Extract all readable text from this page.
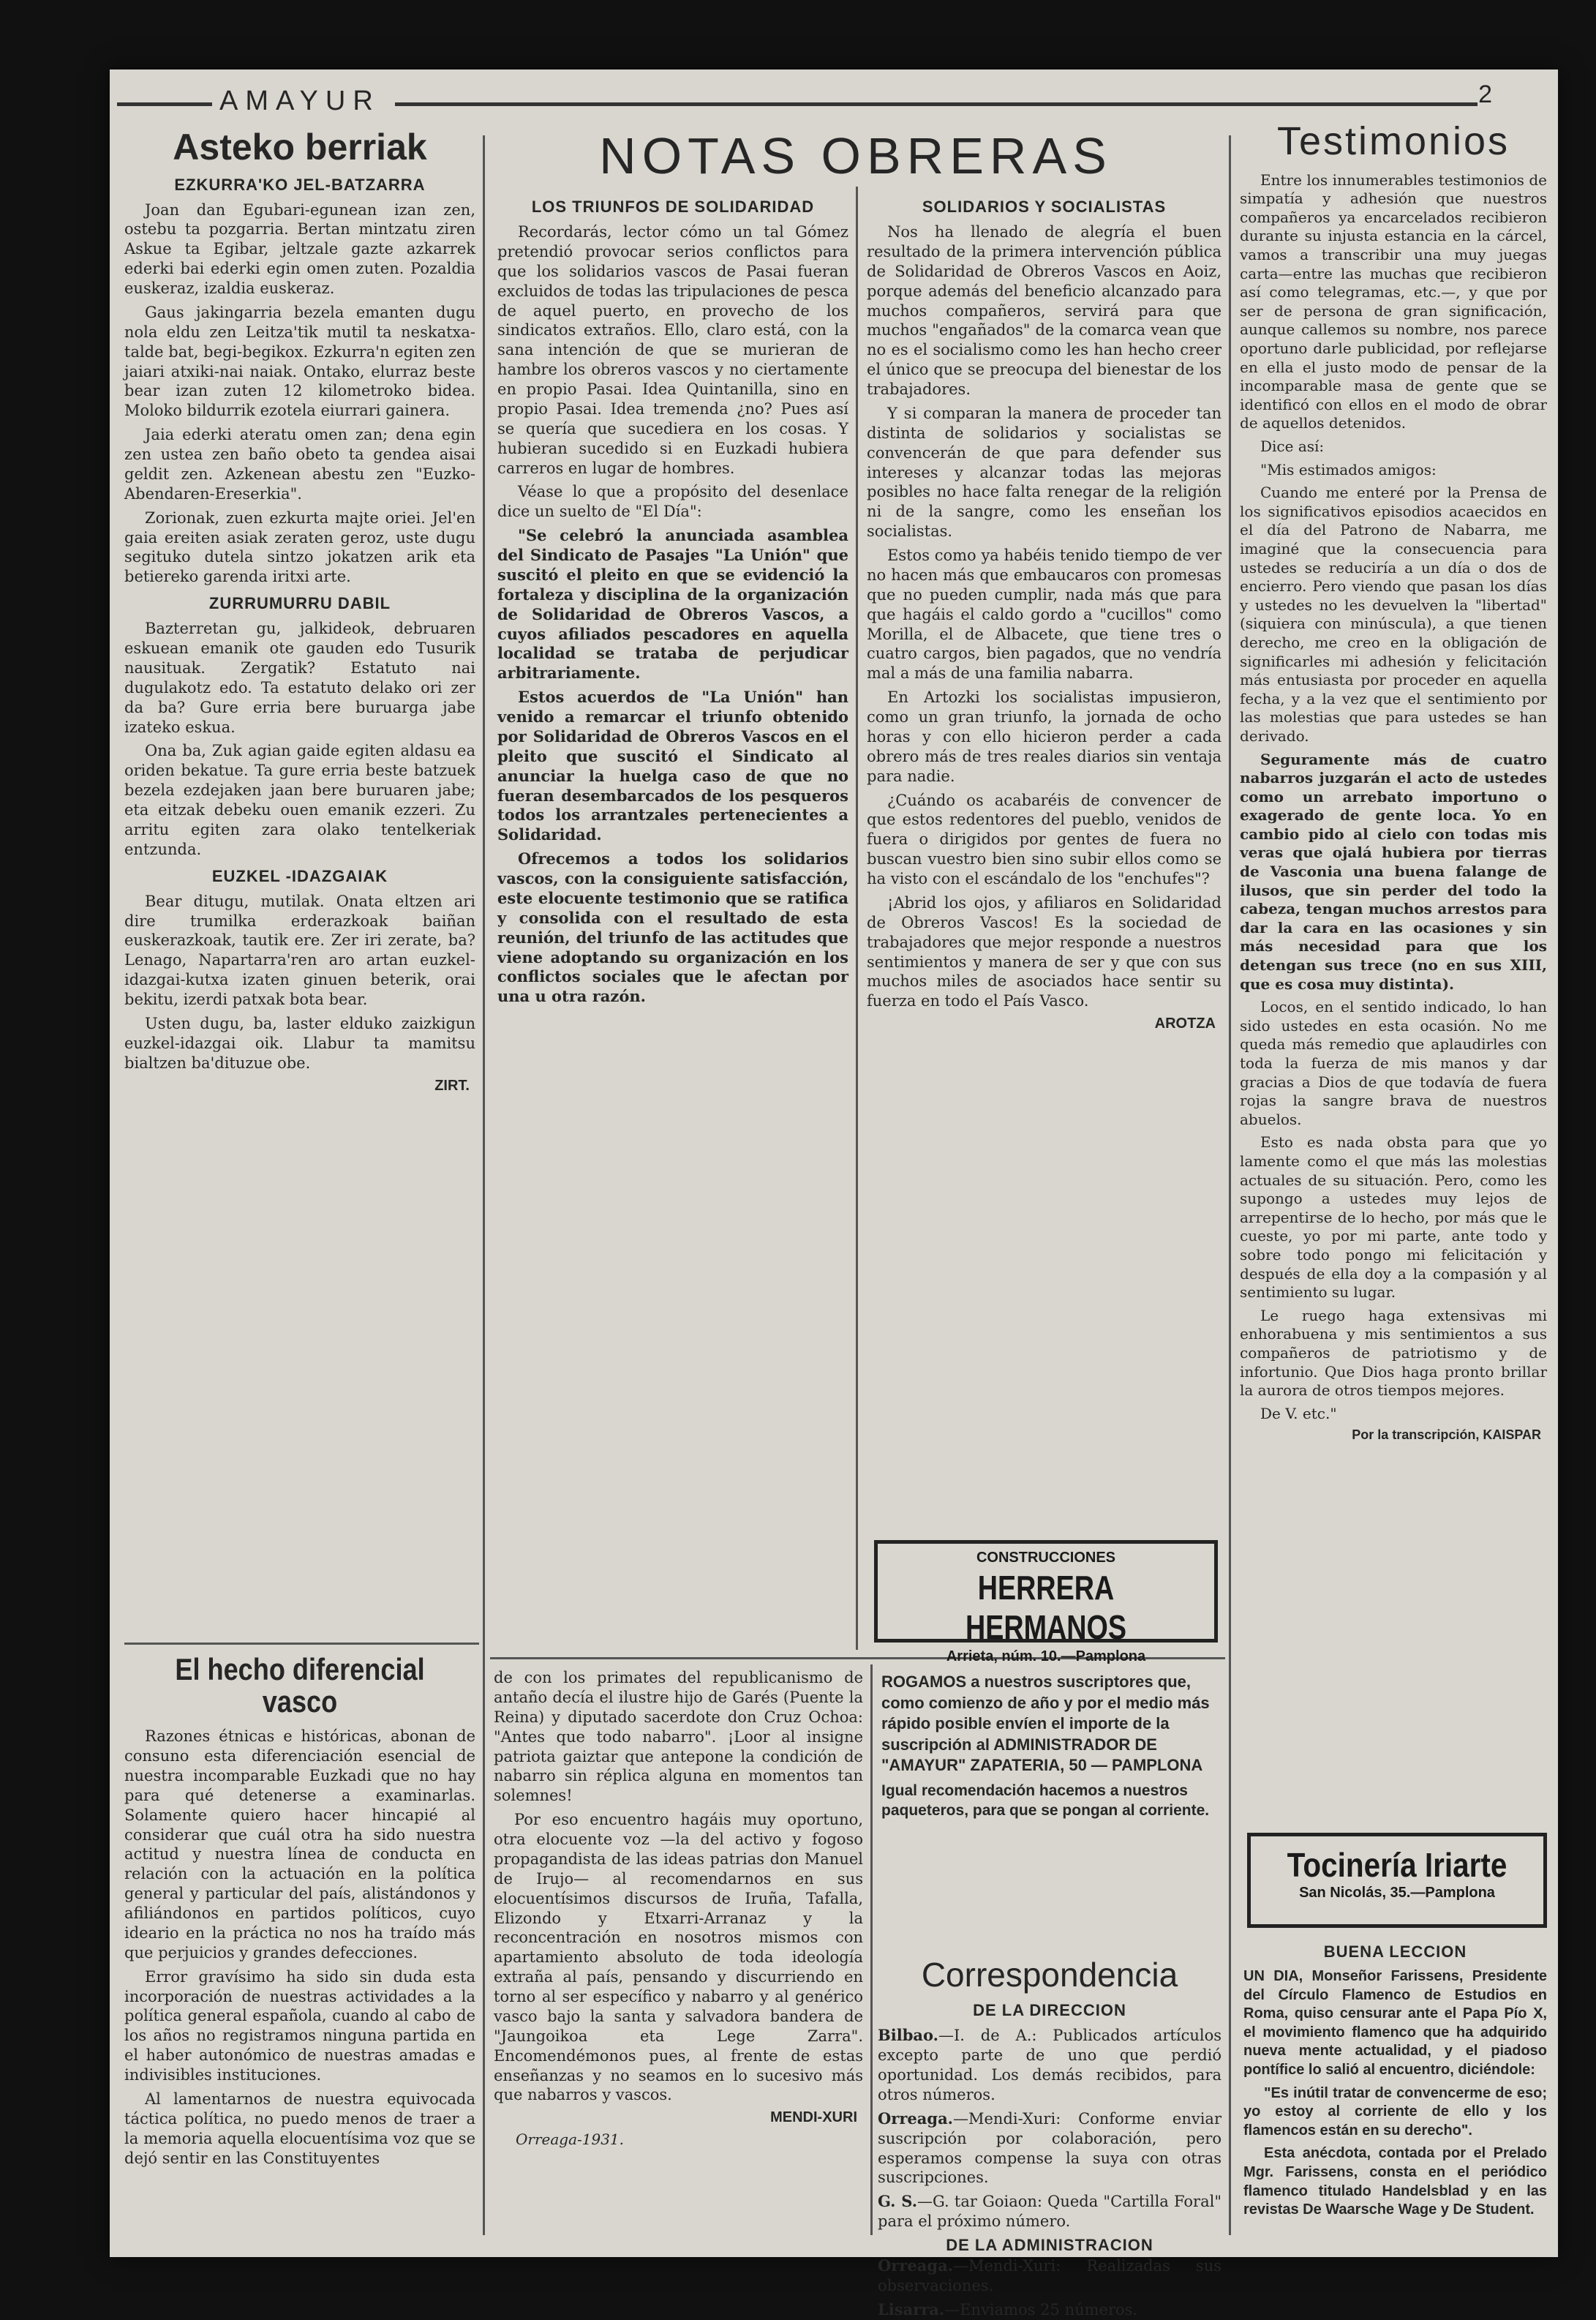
AMAYUR	2
Asteko berriak
EZKURRA'KO JEL-BATZARRA

Joan dan Egubari-egunean izan zen, ostebu ta pozgarria. Bertan mintzatu ziren Askue ta Egibar, jeltzale gazte azkarrek ederki bai ederki egin omen zuten. Pozaldia euskeraz, izaldia euskeraz.

Gaus jakingarria bezela emanten dugu nola eldu zen Leitza'tik mutil ta neskatxa-talde bat, begi-begikox. Ezkurra'n egiten zen jaiari atxiki-nai naiak. Ontako, elurraz beste bear izan zuten 12 kilometroko bidea. Moloko bildurrik ezotela eiurrari gainera.

Jaia ederki ateratu omen zan; dena egin zen ustea zen baño obeto ta gendea aisai geldit zen. Azkenean abestu zen "Euzko-Abendaren-Ereserkia".

Zorionak, zuen ezkurta majte oriei. Jel'en gaia ereiten asiak zeraten geroz, uste dugu segituko dutela sintzo jokatzen arik eta betiereko garenda iritxi arte.

ZURRUMURRU DABIL

Bazterretan gu, jalkideok, debruaren eskuean emanik ote gauden edo Tusurik nausituak. Zergatik? Estatuto nai dugulakotz edo. Ta estatuto delako ori zer da ba? Gure erria bere buruarga jabe izateko eskua.

Ona ba, Zuk agian gaide egiten aldasu ea oriden bekatue. Ta gure erria beste batzuek bezela ezdejaken jaan bere buruaren jabe; eta eitzak debeku ouen emanik ezzeri. Zu arritu egiten zara olako tentelkeriak entzunda.

EUZKEL -IDAZGAIAK

Bear ditugu, mutilak. Onata eltzen ari dire trumilka erderazkoak baiñan euskerazkoak, tautik ere. Zer iri zerate, ba? Lenago, Napartarra'ren aro artan euzkel-idazgai-kutxa izaten ginuen beterik, orai bekitu, izerdi patxak bota bear.

Usten dugu, ba, laster elduko zaizkigun euzkel-idazgai oik. Llabur ta mamitsu bialtzen ba'dituzue obe.

ZIRT.
NOTAS OBRERAS
LOS TRIUNFOS DE SOLIDARIDAD

Recordarás, lector cómo un tal Gómez pretendió provocar serios conflictos para que los solidarios vascos de Pasai fueran excluidos de todas las tripulaciones de pesca de aquel puerto, en provecho de los sindicatos extraños. Ello, claro está, con la sana intención de que se murieran de hambre los obreros vascos y no ciertamente en propio Pasai. Idea Quintanilla, sino en propio Pasai. Idea tremenda ¿no? Pues así se quería que sucediera en los cosas. Y hubieran sucedido si en Euzkadi hubiera carreros en lugar de hombres.

Véase lo que a propósito del desenlace dice un suelto de "El Día":

"Se celebró la anunciada asamblea del Sindicato de Pasajes "La Unión" que suscitó el pleito en que se evidenció la fortaleza y disciplina de la organización de Solidaridad de Obreros Vascos, a cuyos afiliados pescadores en aquella localidad se trataba de perjudicar arbitrariamente.

Estos acuerdos de "La Unión" han venido a remarcar el triunfo obtenido por Solidaridad de Obreros Vascos en el pleito que suscitó el Sindicato al anunciar la huelga caso de que no fueran desembarcados de los pesqueros todos los arrantzales pertenecientes a Solidaridad.

Ofrecemos a todos los solidarios vascos, con la consiguiente satisfacción, este elocuente testimonio que se ratifica y consolida con el resultado de esta reunión, del triunfo de las actitudes que viene adoptando su organización en los conflictos sociales que le afectan por una u otra razón.

SOLIDARIOS Y SOCIALISTAS

Nos ha llenado de alegría el buen resultado de la primera intervención pública de Solidaridad de Obreros Vascos en Aoiz, porque además del beneficio alcanzado para muchos compañeros, servirá para que muchos "engañados" de la comarca vean que no es el socialismo como les han hecho creer el único que se preocupa del bienestar de los trabajadores.

Y si comparan la manera de proceder tan distinta de solidarios y socialistas se convencerán de que para defender sus intereses y alcanzar todas las mejoras posibles no hace falta renegar de la religión ni de la sangre, como les enseñan los socialistas.

Estos como ya habéis tenido tiempo de ver no hacen más que embaucaros con promesas que no pueden cumplir, nada más que para que hagáis el caldo gordo a "cucillos" como Morilla, el de Albacete, que tiene tres o cuatro cargos, bien pagados, que no vendría mal a más de una familia nabarra.

En Artozki los socialistas impusieron, como un gran triunfo, la jornada de ocho horas y con ello hicieron perder a cada obrero más de tres reales diarios sin ventaja para nadie.

¿Cuándo os acabaréis de convencer de que estos redentores del pueblo, venidos de fuera o dirigidos por gentes de fuera no buscan vuestro bien sino subir ellos como se ha visto con el escándalo de los "enchufes"?

¡Abrid los ojos, y afiliaros en Solidaridad de Obreros Vascos! Es la sociedad de trabajadores que mejor responde a nuestros sentimientos y manera de ser y que con sus muchos miles de asociados hace sentir su fuerza en todo el País Vasco.

AROTZA
CONSTRUCCIONES
HERRERA HERMANOS
Arrieta, núm. 10.—Pamplona
El hecho diferencial vasco

Razones étnicas e históricas, abonan de consuno esta diferenciación esencial de nuestra incomparable Euzkadi que no hay para qué detenerse a examinarlas. Solamente quiero hacer hincapié al considerar que cuál otra ha sido nuestra actitud y nuestra línea de conducta en relación con la actuación en la política general y particular del país, alistándonos y afiliándonos en partidos políticos, cuyo ideario en la práctica no nos ha traído más que perjuicios y grandes defecciones.

Error gravísimo ha sido sin duda esta incorporación de nuestras actividades a la política general española, cuando al cabo de los años no registramos ninguna partida en el haber autonómico de nuestras amadas e indivisibles instituciones.

Al lamentarnos de nuestra equivocada táctica política, no puedo menos de traer a la memoria aquella elocuentísima voz que se dejó sentir en las Constituyentes

de con los primates del republicanismo de antaño decía el ilustre hijo de Garés (Puente la Reina) y diputado sacerdote don Cruz Ochoa: "Antes que todo nabarro". ¡Loor al insigne patriota gaiztar que antepone la condición de nabarro sin réplica alguna en momentos tan solemnes!

Por eso encuentro hagáis muy oportuno, otra elocuente voz —la del activo y fogoso propagandista de las ideas patrias don Manuel de Irujo— al recomendarnos en sus elocuentísimos discursos de Iruña, Tafalla, Elizondo y Etxarri-Arranaz y la reconcentración en nosotros mismos con apartamiento absoluto de toda ideología extraña al país, pensando y discurriendo en torno al ser específico y nabarro y al genérico vasco bajo la santa y salvadora bandera de "Jaungoikoa eta Lege Zarra". Encomendémonos pues, al frente de estas enseñanzas y no seamos en lo sucesivo más que nabarros y vascos.

MENDI-XURI
Orreaga-1931.
ROGAMOS a nuestros suscriptores que, como comienzo de año y por el medio más rápido posible envíen el importe de la suscripción al ADMINISTRADOR DE "AMAYUR" ZAPATERIA, 50 — PAMPLONA
Igual recomendación hacemos a nuestros paqueteros, para que se pongan al corriente.
Correspondencia
DE LA DIRECCION

Bilbao.—I. de A.: Publicados artículos excepto parte de uno que perdió oportunidad. Los demás recibidos, para otros números.

Orreaga.—Mendi-Xuri: Conforme enviar suscripción por colaboración, pero esperamos compense la suya con otras suscripciones.

G. S.—G. tar Goiaon: Queda "Cartilla Foral" para el próximo número.

DE LA ADMINISTRACION

Orreaga.—Mendi-Xuri: Realizadas sus observaciones.

Lisarra.—Enviamos 25 números.

Testimonios

Entre los innumerables testimonios de simpatía y adhesión que nuestros compañeros ya encarcelados recibieron durante su injusta estancia en la cárcel, vamos a transcribir una muy juegas carta—entre las muchas que recibieron así como telegramas, etc.—, y que por ser de persona de gran significación, aunque callemos su nombre, nos parece oportuno darle publicidad, por reflejarse en ella el justo modo de pensar de la incomparable masa de gente que se identificó con ellos en el modo de obrar de aquellos detenidos.

Dice así:

"Mis estimados amigos:

Cuando me enteré por la Prensa de los significativos episodios acaecidos en el día del Patrono de Nabarra, me imaginé que la consecuencia para ustedes se reduciría a un día o dos de encierro. Pero viendo que pasan los días y ustedes no les devuelven la "libertad" (siquiera con minúscula), a que tienen derecho, me creo en la obligación de significarles mi adhesión y felicitación más entusiasta por proceder en aquella fecha, y a la vez que el sentimiento por las molestias que para ustedes se han derivado.

Seguramente más de cuatro nabarros juzgarán el acto de ustedes como un arrebato importuno o exagerado de gente loca. Yo en cambio pido al cielo con todas mis veras que ojalá hubiera por tierras de Vasconia una buena falange de ilusos, que sin perder del todo la cabeza, tengan muchos arrestos para dar la cara en las ocasiones y sin más necesidad para que los detengan sus trece (no en sus XIII, que es cosa muy distinta).

Locos, en el sentido indicado, lo han sido ustedes en esta ocasión. No me queda más remedio que aplaudirles con toda la fuerza de mis manos y dar gracias a Dios de que todavía de fuera rojas la sangre brava de nuestros abuelos.

Esto es nada obsta para que yo lamente como el que más las molestias actuales de su situación. Pero, como les supongo a ustedes muy lejos de arrepentirse de lo hecho, por más que le cueste, yo por mi parte, ante todo y sobre todo pongo mi felicitación y después de ella doy a la compasión y al sentimiento su lugar.

Le ruego haga extensivas mi enhorabuena y mis sentimientos a sus compañeros de patriotismo y de infortunio. Que Dios haga pronto brillar la aurora de otros tiempos mejores.

De V. etc."

Por la transcripción, KAISPAR
Tocinería Iriarte
San Nicolás, 35.—Pamplona
BUENA LECCION

UN DIA, Monseñor Farissens, Presidente del Círculo Flamenco de Estudios en Roma, quiso censurar ante el Papa Pío X, el movimiento flamenco que ha adquirido nueva mente actualidad, y el piadoso pontífice lo salió al encuentro, diciéndole:

"Es inútil tratar de convencerme de eso; yo estoy al corriente de ello y los flamencos están en su derecho".

Esta anécdota, contada por el Prelado Mgr. Farissens, consta en el periódico flamenco titulado Handelsblad y en las revistas De Waarsche Wage y De Student.
